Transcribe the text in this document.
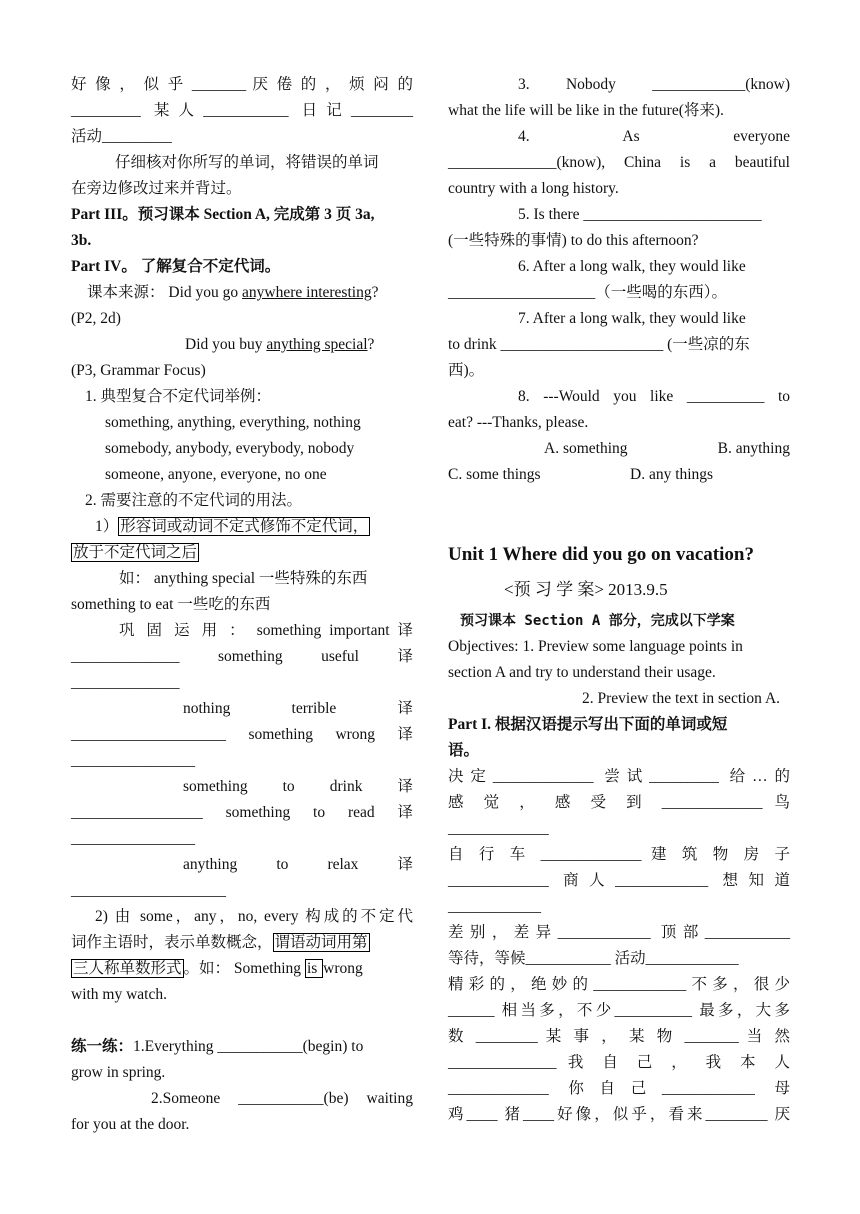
好 像 ， 似 乎 _______ 厌 倦 的 ， 烦 闷 的
_________ 某人___________ 日记________
活动_________
仔细核对你所写的单词，将错误的单词
在旁边修改过来并背过。
Part III。预习课本 Section A, 完成第 3 页 3a,
3b.
Part IV。 了解复合不定代词。
课本来源： Did you go anywhere interesting?
(P2, 2d)
Did you buy anything special?
(P3, Grammar Focus)
1. 典型复合不定代词举例：
something, anything, everything, nothing
somebody, anybody, everybody, nobody
someone, anyone, everyone, no one
2. 需要注意的不定代词的用法。
1） 形容词或动词不定式修饰不定代词，
放于不定代词之后
如： anything special 一些特殊的东西
something to eat 一些吃的东西
巩 固 运 用 ： something important 译
______________ something useful 译
______________
nothing terrible 译
____________________ something wrong 译
________________
something to drink 译
_________________ something to read 译
________________
anything to relax 译
____________________
2) 由 some，any，no, every 构成的不定代
词作主语时，表示单数概念， 谓语动词用第
三人称单数形式 。如： Something is wrong
with my watch.
练一练：1.Everything ___________(begin) to
grow in spring.
2.Someone ___________(be) waiting
for you at the door.
3. Nobody ____________(know)
what the life will be like in the future(将来).
4. As everyone
______________(know), China is a beautiful
country with a long history.
5. Is there _______________________
(一些特殊的事情) to do this afternoon?
6. After a long walk, they would like
___________________（一些喝的东西）。
7. After a long walk, they would like
to drink _____________________ (一些凉的东
西)。
8. ---Would you like __________ to
eat? ---Thanks, please.
A. something	B. anything
C. some things	D. any things
Unit 1 Where did you go on vacation?
<预 习 学 案> 2013.9.5
预习课本 Section A 部分，完成以下学案
Objectives: 1. Preview some language points in
section A and try to understand their usage.
2. Preview the text in section A.
Part I. 根据汉语提示写出下面的单词或短
语。
决定_____________ 尝试_________ 给…的
感 觉 ， 感 受 到 _____________ 鸟
_____________
自 行 车 _____________ 建 筑 物 房 子
_____________ 商人____________ 想知道
____________
差别，差异____________ 顶部___________
等待，等候___________ 活动____________
精彩的，绝妙的____________不多，很少
______ 相当多，不少__________ 最多，大多
数 ________ 某 事 ， 某 物 _______ 当 然
______________ 我 自 己 ， 我 本 人
_____________ 你自己____________ 母
鸡____ 猪____好像，似乎，看来________ 厌
